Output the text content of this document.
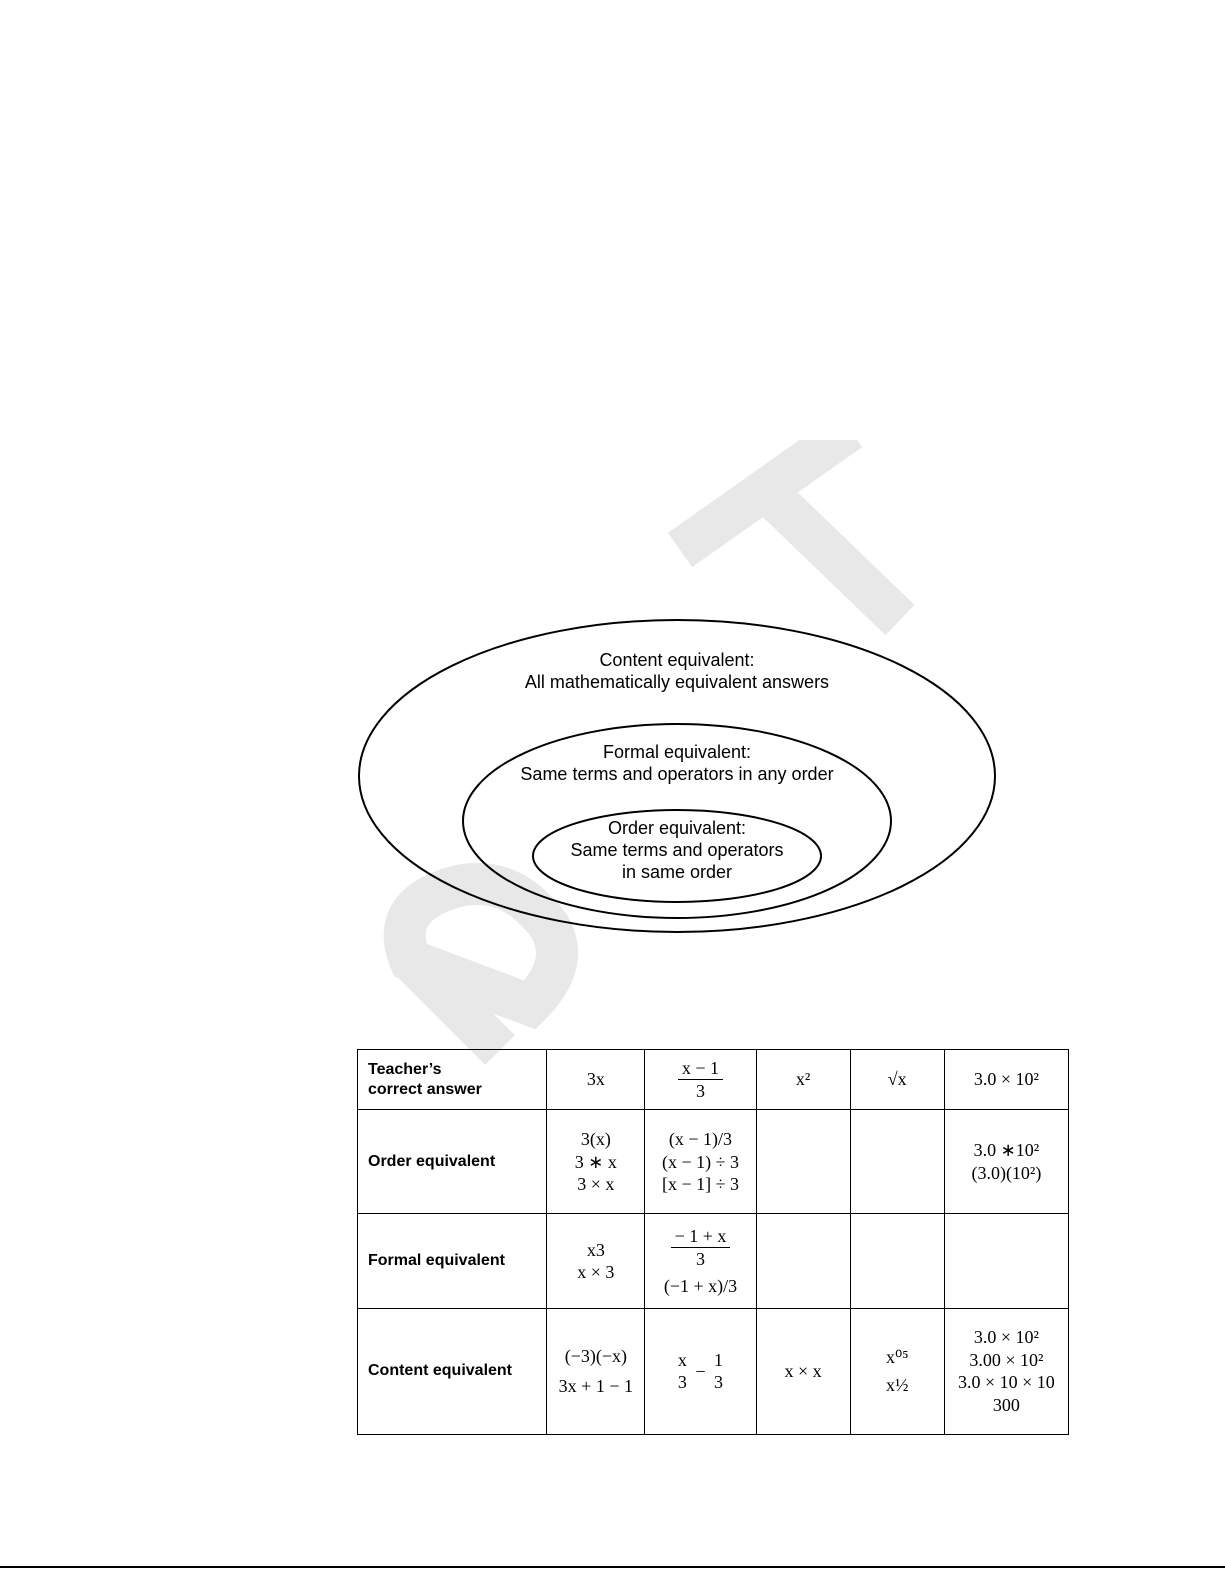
Content equivalent:
All mathematically equivalent answers
Formal equivalent:
Same terms and operators in any order
Order equivalent:
Same terms and operators
in same order
Teacher’s
correct answer	3x	$\frac{x - 1}{3}$	x²	√x	3.0 × 10²
Order equivalent	3(x)
3 ∗ x
3 × x	(x − 1)/3
(x − 1) ÷ 3
[x − 1] ÷ 3			3.0 ∗10²
(3.0)(10²)

Formal equivalent	x3
x × 3	$\frac{- 1 + x}{3}$
(−1 + x)/3			

Content equivalent	(−3)(−x)
3x + 1 − 1	x
3
−
1
3	x × x	x⁰⁵
x½	3.0 × 10²
3.00 × 10²
3.0 × 10 × 10
300
